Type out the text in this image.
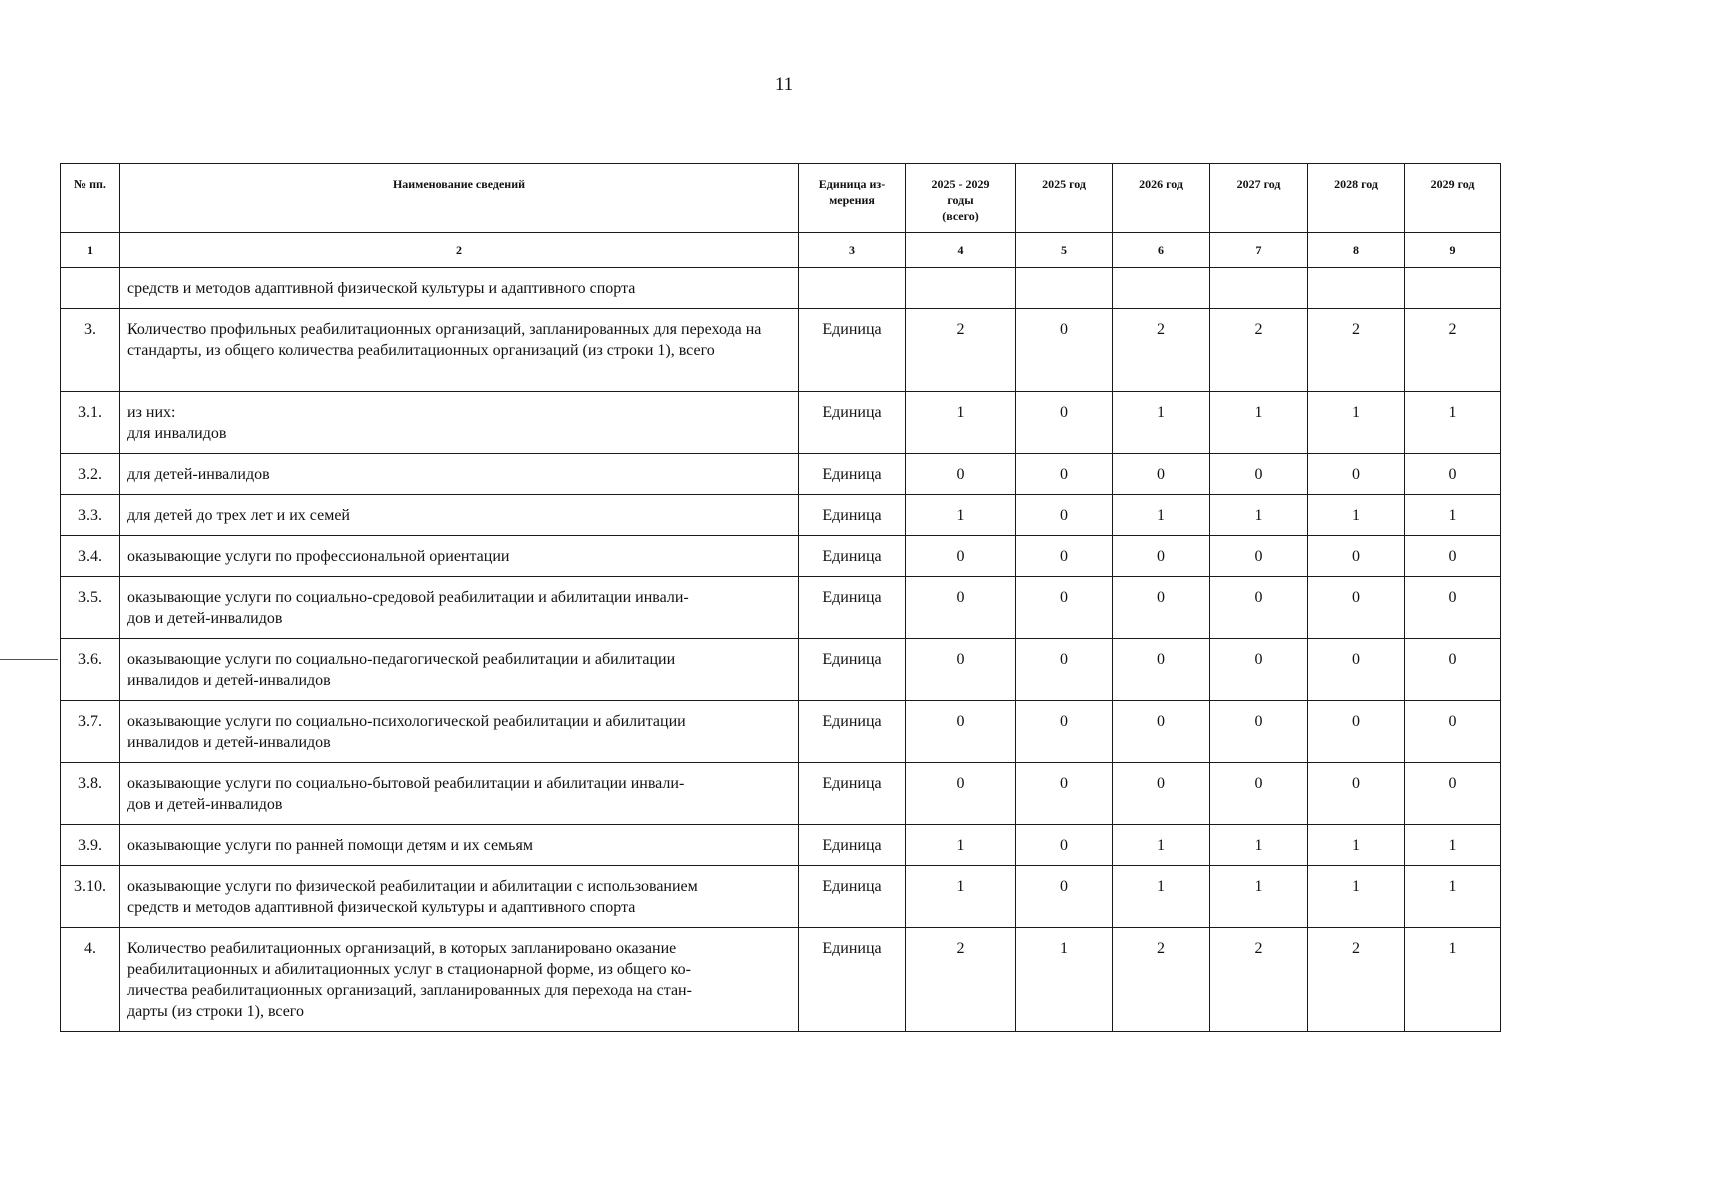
11
№ пп.	Наименование сведений	Единица из-
мерения	2025 - 2029
годы
(всего)	2025 год	2026 год	2027 год	2028 год	2029 год
1	2	3	4	5	6	7	8	9
	средств и методов адаптивной физической культуры и адаптивного спорта							
3.	Количество профильных реабилитационных организаций, запланированных для перехода на стандарты, из общего количества реабилитационных организаций (из строки 1), всего	Единица	2	0	2	2	2	2
3.1.	из них:
для инвалидов	Единица	1	0	1	1	1	1
3.2.	для детей-инвалидов	Единица	0	0	0	0	0	0
3.3.	для детей до трех лет и их семей	Единица	1	0	1	1	1	1
3.4.	оказывающие услуги по профессиональной ориентации	Единица	0	0	0	0	0	0
3.5.	оказывающие услуги по социально-средовой реабилитации и абилитации инвали-
дов и детей-инвалидов	Единица	0	0	0	0	0	0
3.6.	оказывающие услуги по социально-педагогической реабилитации и абилитации
инвалидов и детей-инвалидов	Единица	0	0	0	0	0	0
3.7.	оказывающие услуги по социально-психологической реабилитации и абилитации
инвалидов и детей-инвалидов	Единица	0	0	0	0	0	0
3.8.	оказывающие услуги по социально-бытовой реабилитации и абилитации инвали-
дов и детей-инвалидов	Единица	0	0	0	0	0	0
3.9.	оказывающие услуги по ранней помощи детям и их семьям	Единица	1	0	1	1	1	1
3.10.	оказывающие услуги по физической реабилитации и абилитации с использованием
средств и методов адаптивной физической культуры и адаптивного спорта	Единица	1	0	1	1	1	1
4.	Количество реабилитационных организаций, в которых запланировано оказание
реабилитационных и абилитационных услуг в стационарной форме, из общего ко-
личества реабилитационных организаций, запланированных для перехода на стан-
дарты (из строки 1), всего	Единица	2	1	2	2	2	1
